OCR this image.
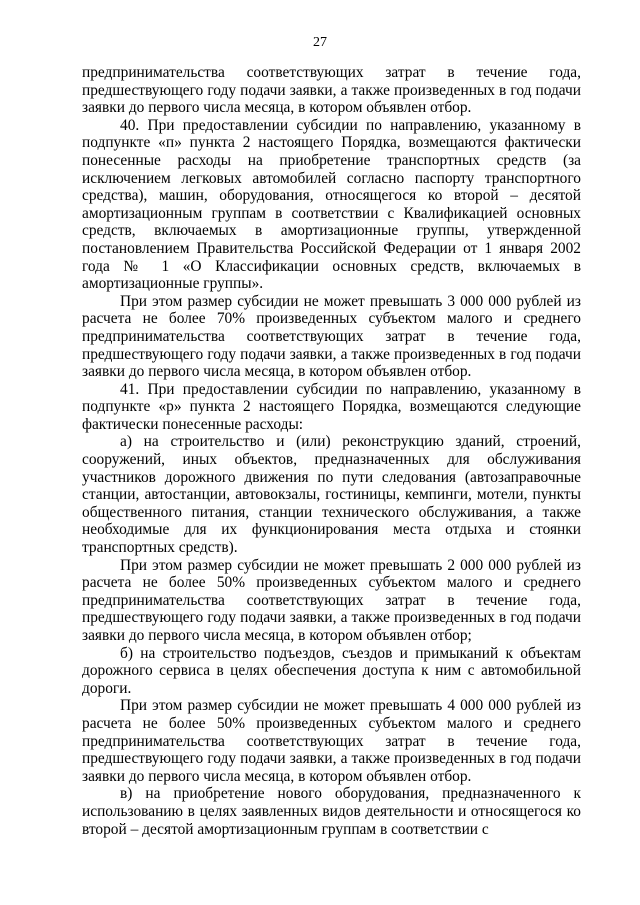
27

предпринимательства соответствующих затрат в течение года, предшествующего году подачи заявки, а также произведенных в год подачи заявки до первого числа месяца, в котором объявлен отбор.

40. При предоставлении субсидии по направлению, указанному в подпункте «п» пункта 2 настоящего Порядка, возмещаются фактически понесенные расходы на приобретение транспортных средств (за исключением легковых автомобилей согласно паспорту транспортного средства), машин, оборудования, относящегося ко второй – десятой амортизационным группам в соответствии с Квалификацией основных средств, включаемых в амортизационные группы, утвержденной постановлением Правительства Российской Федерации от 1 января 2002 года № 1 «О Классификации основных средств, включаемых в амортизационные группы».

При этом размер субсидии не может превышать 3 000 000 рублей из расчета не более 70% произведенных субъектом малого и среднего предпринимательства соответствующих затрат в течение года, предшествующего году подачи заявки, а также произведенных в год подачи заявки до первого числа месяца, в котором объявлен отбор.

41. При предоставлении субсидии по направлению, указанному в подпункте «р» пункта 2 настоящего Порядка, возмещаются следующие фактически понесенные расходы:

а) на строительство и (или) реконструкцию зданий, строений, сооружений, иных объектов, предназначенных для обслуживания участников дорожного движения по пути следования (автозаправочные станции, автостанции, автовокзалы, гостиницы, кемпинги, мотели, пункты общественного питания, станции технического обслуживания, а также необходимые для их функционирования места отдыха и стоянки транспортных средств).

При этом размер субсидии не может превышать 2 000 000 рублей из расчета не более 50% произведенных субъектом малого и среднего предпринимательства соответствующих затрат в течение года, предшествующего году подачи заявки, а также произведенных в год подачи заявки до первого числа месяца, в котором объявлен отбор;

б) на строительство подъездов, съездов и примыканий к объектам дорожного сервиса в целях обеспечения доступа к ним с автомобильной дороги.

При этом размер субсидии не может превышать 4 000 000 рублей из расчета не более 50% произведенных субъектом малого и среднего предпринимательства соответствующих затрат в течение года, предшествующего году подачи заявки, а также произведенных в год подачи заявки до первого числа месяца, в котором объявлен отбор.

в) на приобретение нового оборудования, предназначенного к использованию в целях заявленных видов деятельности и относящегося ко второй – десятой амортизационным группам в соответствии с
